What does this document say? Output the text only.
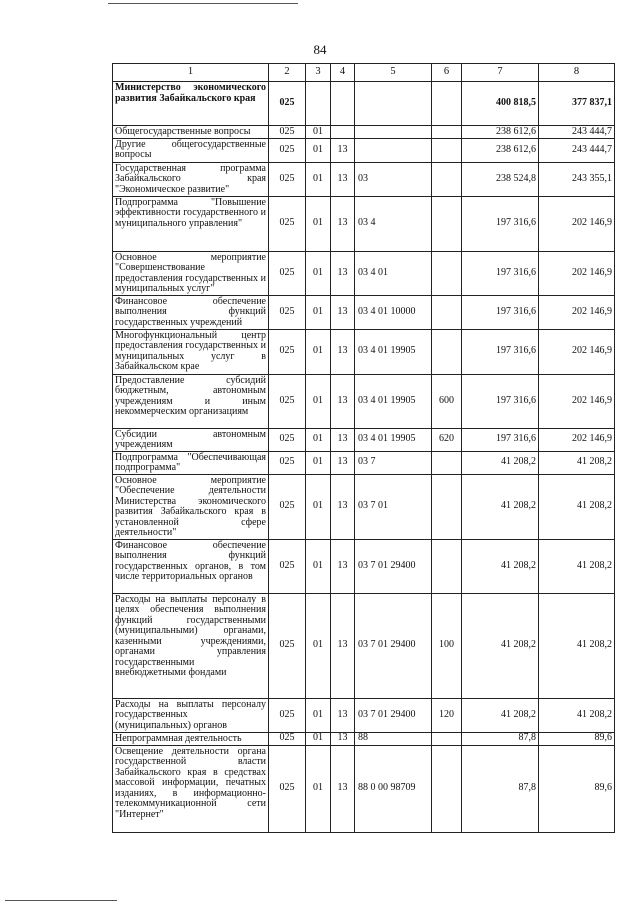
84
1	2	3	4	5	6	7	8
Министерство экономического развития Забайкальского края	025					400 818,5	377 837,1
Общегосударственные вопросы	025	01				238 612,6	243 444,7
Другие общегосударственные вопросы	025	01	13			238 612,6	243 444,7
Государственная программа Забайкальского края "Экономическое развитие"	025	01	13	03		238 524,8	243 355,1
Подпрограмма "Повышение эффективности государственного и муниципального управления"	025	01	13	03 4		197 316,6	202 146,9
Основное мероприятие "Совершенствование предоставления государственных и муниципальных услуг"	025	01	13	03 4 01		197 316,6	202 146,9
Финансовое обеспечение выполнения функций государственных учреждений	025	01	13	03 4 01 10000		197 316,6	202 146,9
Многофункциональный центр предоставления государственных и муниципальных услуг в Забайкальском крае	025	01	13	03 4 01 19905		197 316,6	202 146,9
Предоставление субсидий бюджетным, автономным учреждениям и иным некоммерческим организациям	025	01	13	03 4 01 19905	600	197 316,6	202 146,9
Субсидии автономным учреждениям	025	01	13	03 4 01 19905	620	197 316,6	202 146,9
Подпрограмма "Обеспечивающая подпрограмма"	025	01	13	03 7		41 208,2	41 208,2
Основное мероприятие "Обеспечение деятельности Министерства экономического развития Забайкальского края в установленной сфере деятельности"	025	01	13	03 7 01		41 208,2	41 208,2
Финансовое обеспечение выполнения функций государственных органов, в том числе территориальных органов	025	01	13	03 7 01 29400		41 208,2	41 208,2
Расходы на выплаты персоналу в целях обеспечения выполнения функций государственными (муниципальными) органами, казенными учреждениями, органами управления государственными внебюджетными фондами	025	01	13	03 7 01 29400	100	41 208,2	41 208,2
Расходы на выплаты персоналу государственных (муниципальных) органов	025	01	13	03 7 01 29400	120	41 208,2	41 208,2
Непрограммная деятельность	025	01	13	88		87,8	89,6
Освещение деятельности органа государственной власти Забайкальского края в средствах массовой информации, печатных изданиях, в информационно-телекоммуникационной сети "Интернет"	025	01	13	88 0 00 98709		87,8	89,6
